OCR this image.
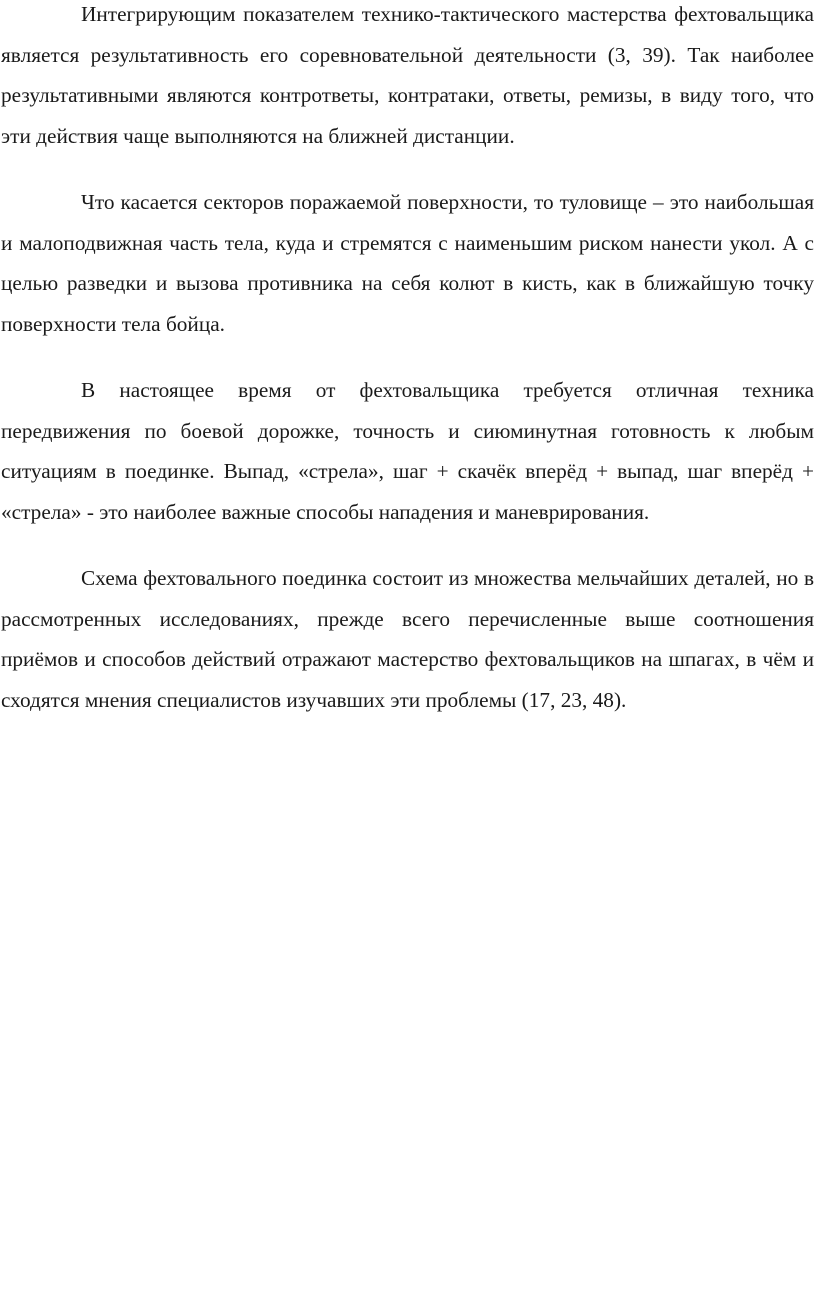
Интегрирующим показателем технико-тактического мастерства фехтовальщика является результативность его соревновательной деятельности (3, 39). Так наиболее результативными являются контрответы, контратаки, ответы, ремизы, в виду того, что эти действия чаще выполняются на ближней дистанции.

Что касается секторов поражаемой поверхности, то туловище – это наибольшая и малоподвижная часть тела, куда и стремятся с наименьшим риском нанести укол. А с целью разведки и вызова противника на себя колют в кисть, как в ближайшую точку поверхности тела бойца.

В настоящее время от фехтовальщика требуется отличная техника передвижения по боевой дорожке, точность и сиюминутная готовность к любым ситуациям в поединке. Выпад, «стрела», шаг + скачёк вперёд + выпад, шаг вперёд + «стрела» - это наиболее важные способы нападения и маневрирования.

Схема фехтовального поединка состоит из множества мельчайших деталей, но в рассмотренных исследованиях, прежде всего перечисленные выше соотношения приёмов и способов действий отражают мастерство фехтовальщиков на шпагах, в чём и сходятся мнения специалистов изучавших эти проблемы (17, 23, 48).
